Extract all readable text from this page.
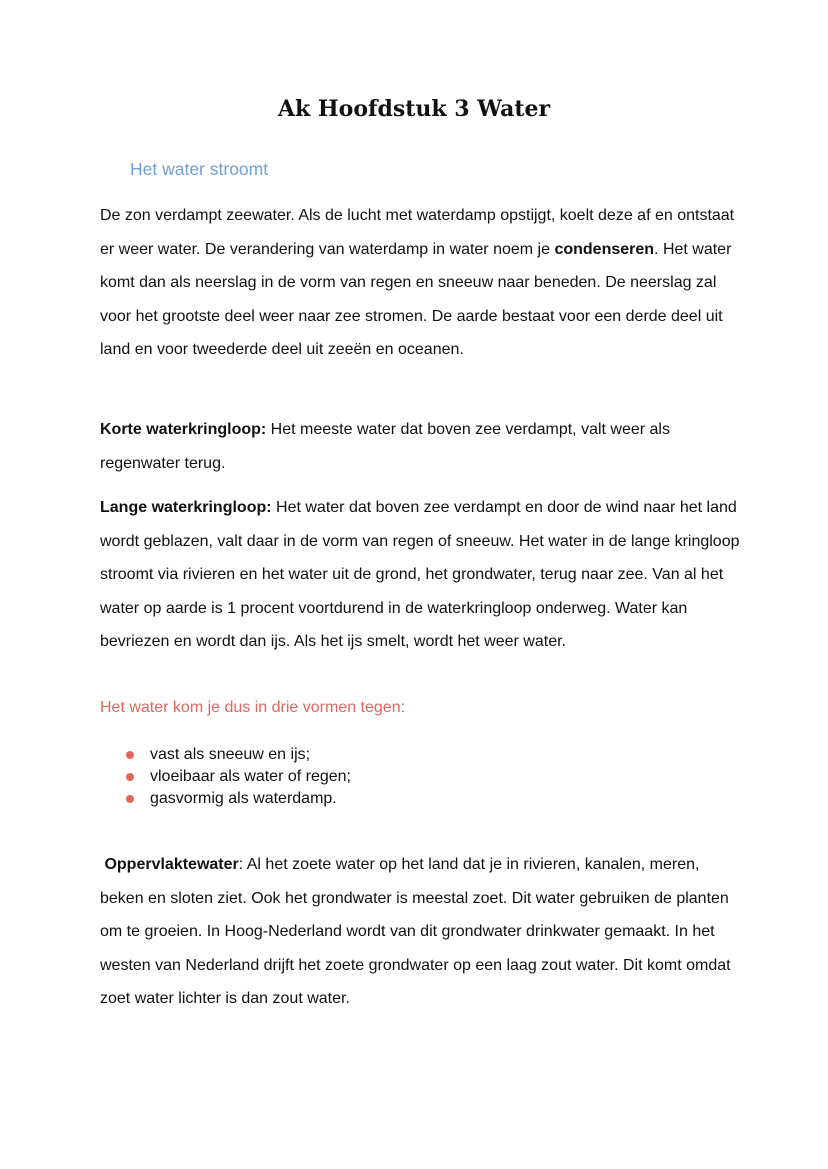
Ak Hoofdstuk 3 Water
Het water stroomt

De zon verdampt zeewater. Als de lucht met waterdamp opstijgt, koelt deze af en ontstaat er weer water. De verandering van waterdamp in water noem je condenseren. Het water komt dan als neerslag in de vorm van regen en sneeuw naar beneden. De neerslag zal voor het grootste deel weer naar zee stromen. De aarde bestaat voor een derde deel uit land en voor tweederde deel uit zeeën en oceanen.

Korte waterkringloop: Het meeste water dat boven zee verdampt, valt weer als regenwater terug.

Lange waterkringloop: Het water dat boven zee verdampt en door de wind naar het land wordt geblazen, valt daar in de vorm van regen of sneeuw. Het water in de lange kringloop stroomt via rivieren en het water uit de grond, het grondwater, terug naar zee. Van al het water op aarde is 1 procent voortdurend in de waterkringloop onderweg. Water kan bevriezen en wordt dan ijs. Als het ijs smelt, wordt het weer water.

Het water kom je dus in drie vormen tegen:
vast als sneeuw en ijs;
vloeibaar als water of regen;
gasvormig als waterdamp.

Oppervlaktewater: Al het zoete water op het land dat je in rivieren, kanalen, meren, beken en sloten ziet. Ook het grondwater is meestal zoet. Dit water gebruiken de planten om te groeien. In Hoog-Nederland wordt van dit grondwater drinkwater gemaakt. In het westen van Nederland drijft het zoete grondwater op een laag zout water. Dit komt omdat zoet water lichter is dan zout water.
